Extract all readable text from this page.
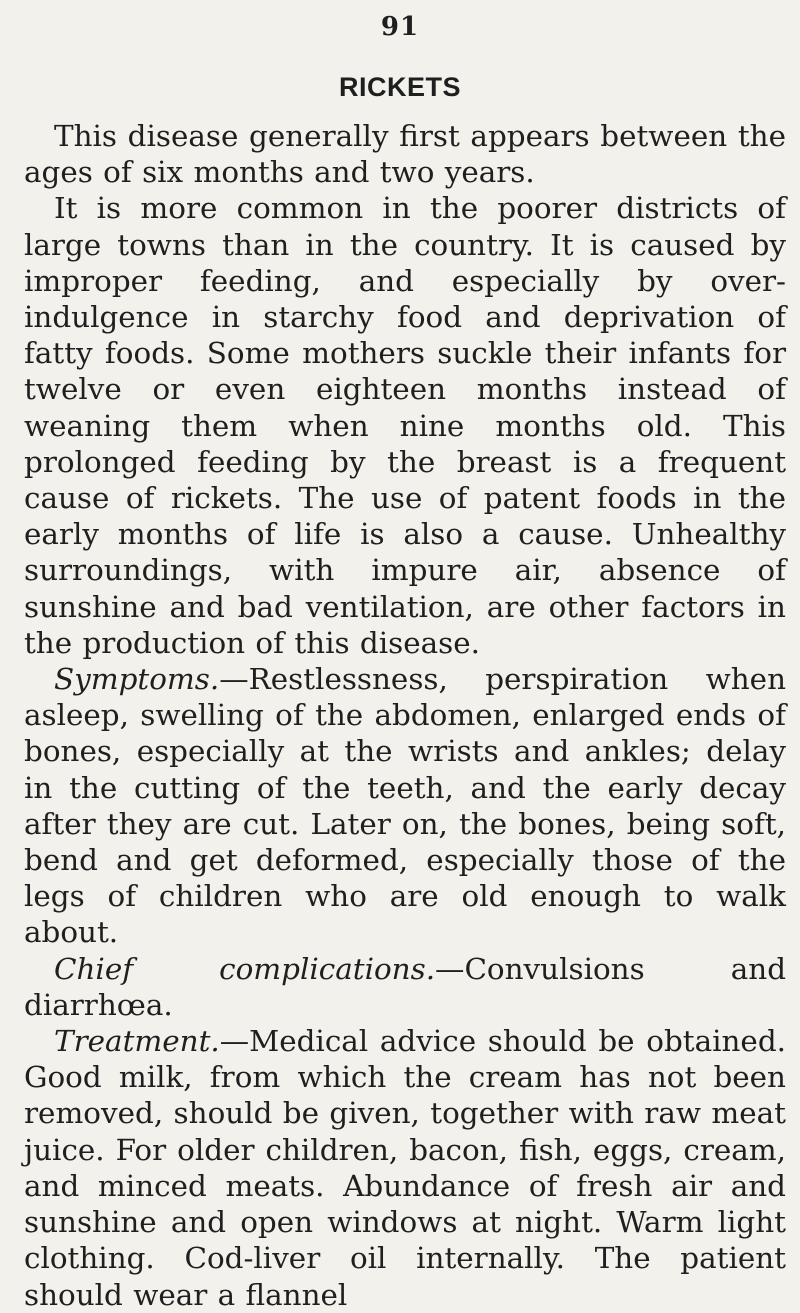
91
RICKETS

This disease generally first appears between the ages of six months and two years.

It is more common in the poorer districts of large towns than in the country. It is caused by improper feeding, and especially by over-indulgence in starchy food and deprivation of fatty foods. Some mothers suckle their infants for twelve or even eighteen months instead of weaning them when nine months old. This prolonged feeding by the breast is a frequent cause of rickets. The use of patent foods in the early months of life is also a cause. Unhealthy surroundings, with impure air, absence of sunshine and bad ventilation, are other factors in the production of this disease.

Symptoms.—Restlessness, perspiration when asleep, swelling of the abdomen, enlarged ends of bones, especially at the wrists and ankles; delay in the cutting of the teeth, and the early decay after they are cut. Later on, the bones, being soft, bend and get deformed, especially those of the legs of children who are old enough to walk about.

Chief complications.—Convulsions and diarrhœa.

Treatment.—Medical advice should be obtained. Good milk, from which the cream has not been removed, should be given, together with raw meat juice. For older children, bacon, fish, eggs, cream, and minced meats. Abundance of fresh air and sunshine and open windows at night. Warm light clothing. Cod-liver oil internally. The patient should wear a flannel
